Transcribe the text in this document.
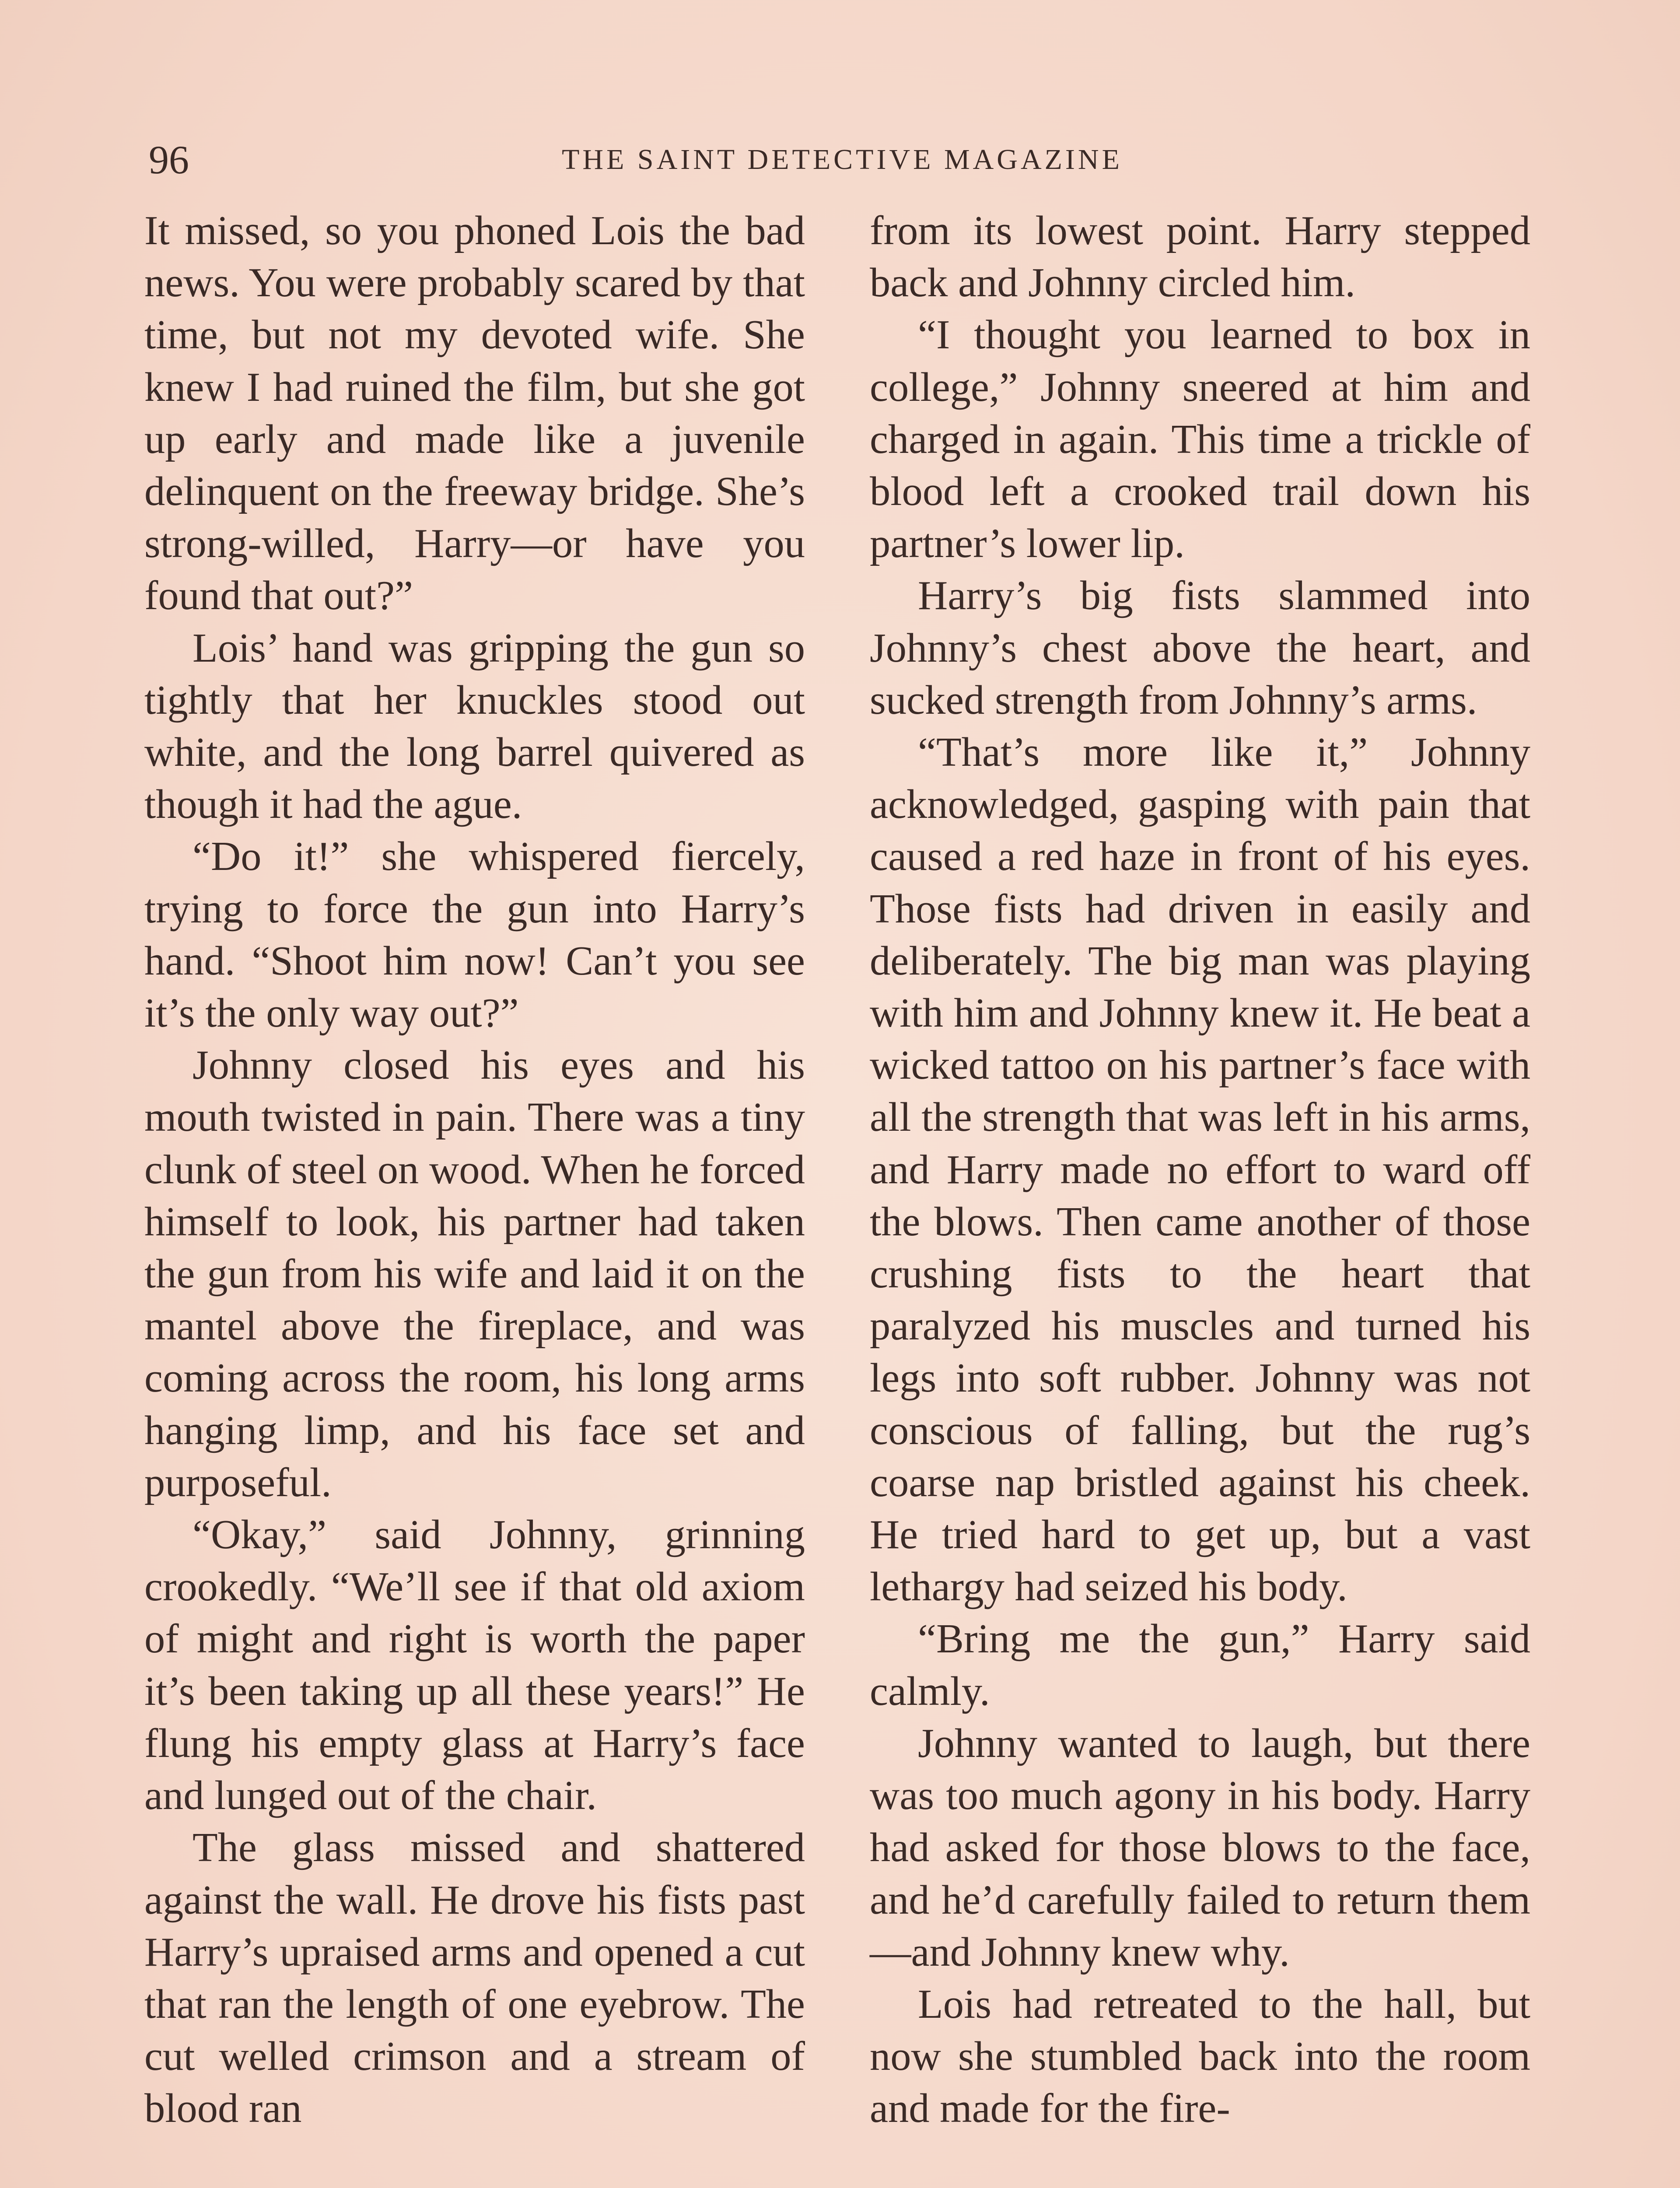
96	THE SAINT DETECTIVE MAGAZINE

It missed, so you phoned Lois the bad news. You were probably scared by that time, but not my devoted wife. She knew I had ruined the film, but she got up early and made like a juvenile delinquent on the freeway bridge. She’s strong-willed, Harry—or have you found that out?”

Lois’ hand was gripping the gun so tightly that her knuckles stood out white, and the long barrel quivered as though it had the ague.

“Do it!” she whispered fiercely, trying to force the gun into Harry’s hand. “Shoot him now! Can’t you see it’s the only way out?”

Johnny closed his eyes and his mouth twisted in pain. There was a tiny clunk of steel on wood. When he forced himself to look, his partner had taken the gun from his wife and laid it on the mantel above the fireplace, and was coming across the room, his long arms hanging limp, and his face set and purposeful.

“Okay,” said Johnny, grinning crookedly. “We’ll see if that old axiom of might and right is worth the paper it’s been taking up all these years!” He flung his empty glass at Harry’s face and lunged out of the chair.

The glass missed and shattered against the wall. He drove his fists past Harry’s upraised arms and opened a cut that ran the length of one eyebrow. The cut welled crimson and a stream of blood ran

from its lowest point. Harry stepped back and Johnny circled him.

“I thought you learned to box in college,” Johnny sneered at him and charged in again. This time a trickle of blood left a crooked trail down his partner’s lower lip.

Harry’s big fists slammed into Johnny’s chest above the heart, and sucked strength from Johnny’s arms.

“That’s more like it,” Johnny acknowledged, gasping with pain that caused a red haze in front of his eyes. Those fists had driven in easily and deliberately. The big man was playing with him and Johnny knew it. He beat a wicked tattoo on his partner’s face with all the strength that was left in his arms, and Harry made no effort to ward off the blows. Then came another of those crushing fists to the heart that paralyzed his muscles and turned his legs into soft rubber. Johnny was not conscious of falling, but the rug’s coarse nap bristled against his cheek. He tried hard to get up, but a vast lethargy had seized his body.

“Bring me the gun,” Harry said calmly.

Johnny wanted to laugh, but there was too much agony in his body. Harry had asked for those blows to the face, and he’d carefully failed to return them—and Johnny knew why.

Lois had retreated to the hall, but now she stumbled back into the room and made for the fire-
